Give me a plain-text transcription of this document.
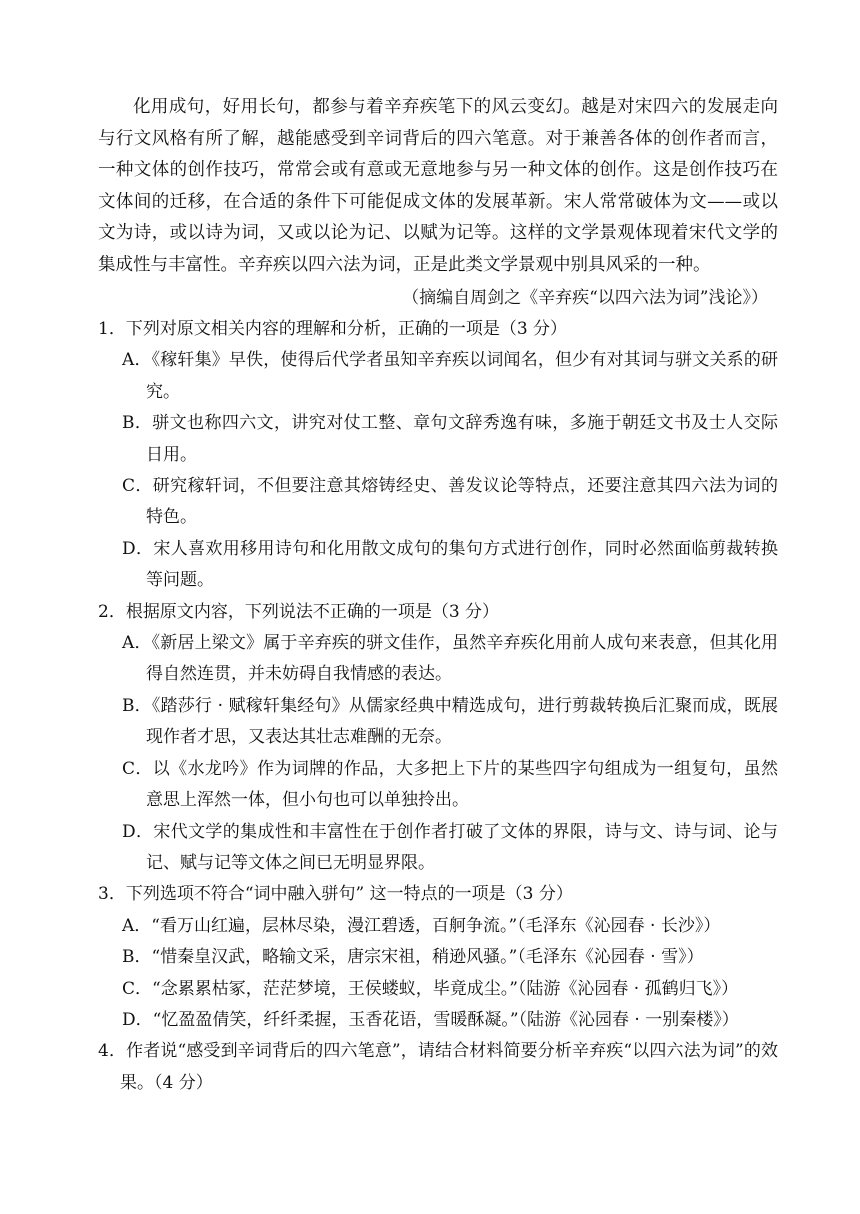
化用成句，好用长句，都参与着辛弃疾笔下的风云变幻。越是对宋四六的发展走向与行文风格有所了解，越能感受到辛词背后的四六笔意。对于兼善各体的创作者而言，一种文体的创作技巧，常常会或有意或无意地参与另一种文体的创作。这是创作技巧在文体间的迁移，在合适的条件下可能促成文体的发展革新。宋人常常破体为文——或以文为诗，或以诗为词，又或以论为记、以赋为记等。这样的文学景观体现着宋代文学的集成性与丰富性。辛弃疾以四六法为词，正是此类文学景观中别具风采的一种。

（摘编自周剑之《辛弃疾“以四六法为词”浅论》）

1．下列对原文相关内容的理解和分析，正确的一项是（3 分）

A．《稼轩集》早佚，使得后代学者虽知辛弃疾以词闻名，但少有对其词与骈文关系的研究。

B．骈文也称四六文，讲究对仗工整、章句文辞秀逸有味，多施于朝廷文书及士人交际日用。

C．研究稼轩词，不但要注意其熔铸经史、善发议论等特点，还要注意其四六法为词的特色。

D．宋人喜欢用移用诗句和化用散文成句的集句方式进行创作，同时必然面临剪裁转换等问题。

2．根据原文内容，下列说法不正确的一项是（3 分）

A．《新居上梁文》属于辛弃疾的骈文佳作，虽然辛弃疾化用前人成句来表意，但其化用得自然连贯，并未妨碍自我情感的表达。

B．《踏莎行 · 赋稼轩集经句》从儒家经典中精选成句，进行剪裁转换后汇聚而成，既展现作者才思，又表达其壮志难酬的无奈。

C．以《水龙吟》作为词牌的作品，大多把上下片的某些四字句组成为一组复句，虽然意思上浑然一体，但小句也可以单独拎出。

D．宋代文学的集成性和丰富性在于创作者打破了文体的界限，诗与文、诗与词、论与记、赋与记等文体之间已无明显界限。

3．下列选项不符合“词中融入骈句” 这一特点的一项是（3 分）

A．“看万山红遍，层林尽染，漫江碧透，百舸争流。”（毛泽东《沁园春 · 长沙》）

B．“惜秦皇汉武，略输文采，唐宗宋祖，稍逊风骚。”（毛泽东《沁园春 · 雪》）

C．“念累累枯冢，茫茫梦境，王侯蝼蚁，毕竟成尘。”（陆游《沁园春 · 孤鹤归飞》）

D．“忆盈盈倩笑，纤纤柔握，玉香花语，雪暖酥凝。”（陆游《沁园春 · 一别秦楼》）

4．作者说“感受到辛词背后的四六笔意”，请结合材料简要分析辛弃疾“以四六法为词”的效果。（4 分）
